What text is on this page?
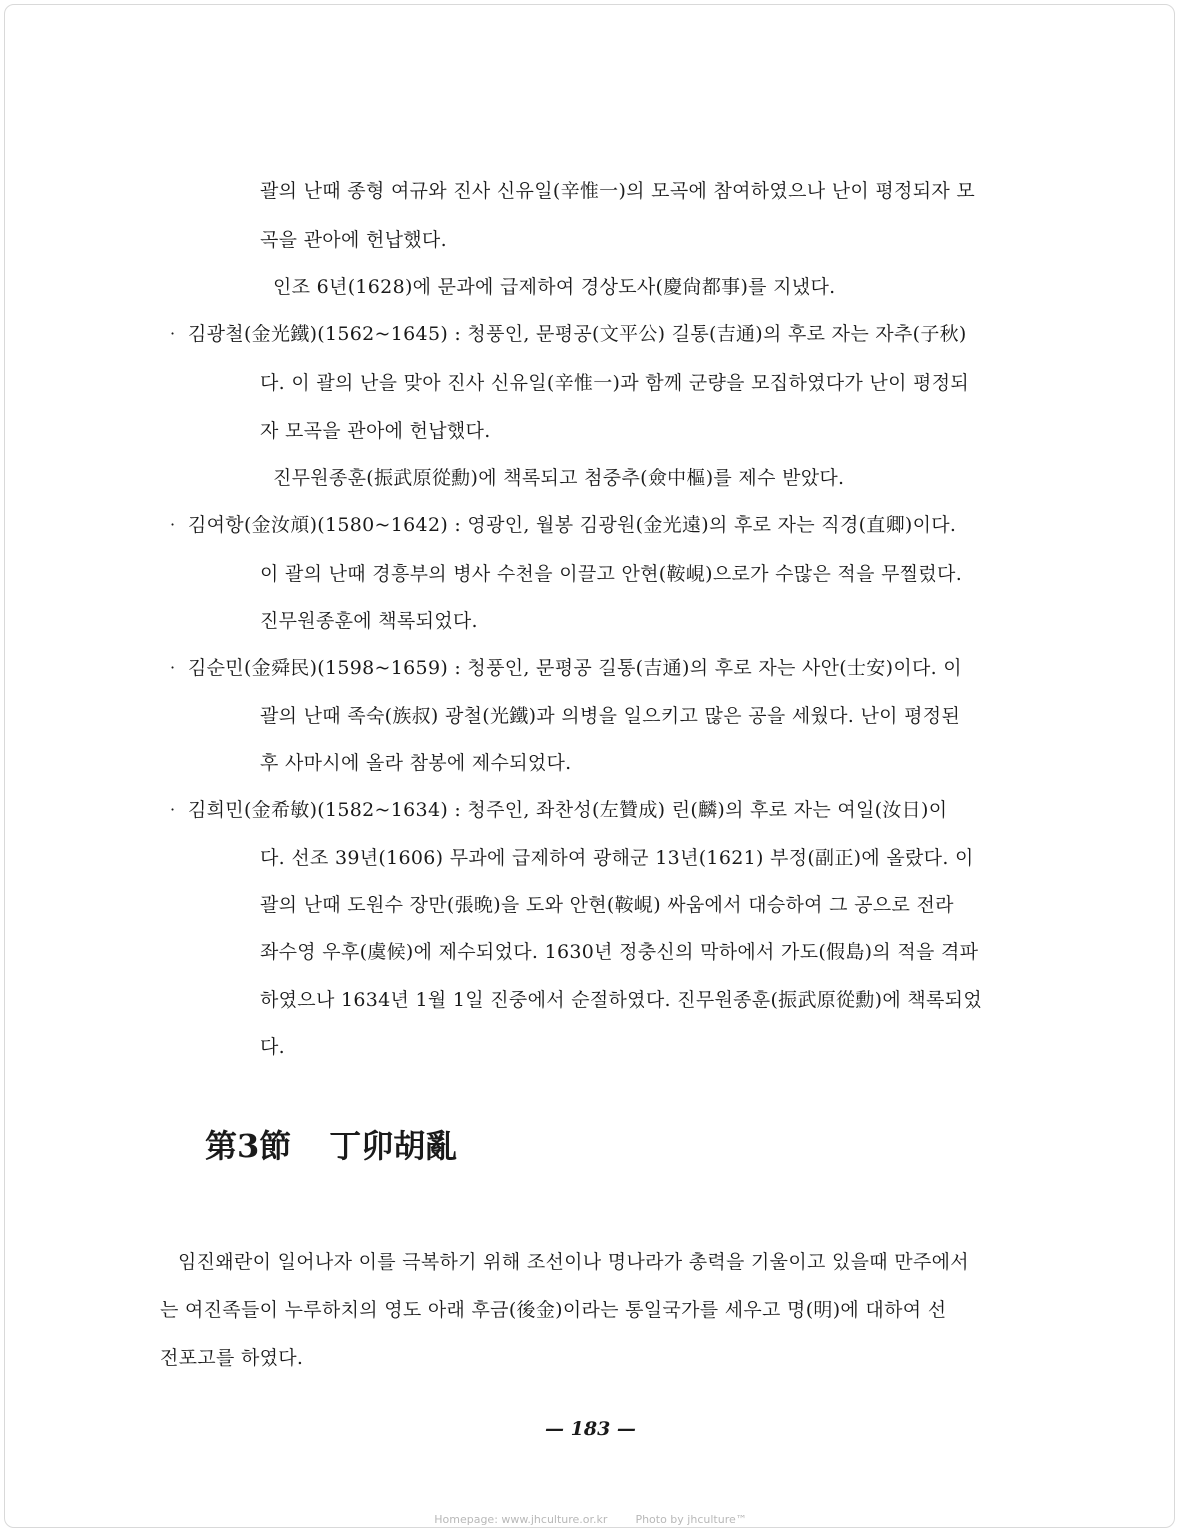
괄의 난때 종형 여규와 진사 신유일(辛惟一)의 모곡에 참여하였으나 난이 평정되자 모
곡을 관아에 헌납했다.
인조 6년(1628)에 문과에 급제하여 경상도사(慶尙都事)를 지냈다.
· 김광철(金光鐵)(1562~1645) : 청풍인, 문평공(文平公) 길통(吉通)의 후로 자는 자추(子秋)
다. 이 괄의 난을 맞아 진사 신유일(辛惟一)과 함께 군량을 모집하였다가 난이 평정되
자 모곡을 관아에 헌납했다.
진무원종훈(振武原從勳)에 책록되고 첨중추(僉中樞)를 제수 받았다.
· 김여항(金汝頏)(1580~1642) : 영광인, 월봉 김광원(金光遠)의 후로 자는 직경(直卿)이다.
이 괄의 난때 경흥부의 병사 수천을 이끌고 안현(鞍峴)으로가 수많은 적을 무찔렀다.
진무원종훈에 책록되었다.
· 김순민(金舜民)(1598~1659) : 청풍인, 문평공 길통(吉通)의 후로 자는 사안(士安)이다. 이
괄의 난때 족숙(族叔) 광철(光鐵)과 의병을 일으키고 많은 공을 세웠다. 난이 평정된
후 사마시에 올라 참봉에 제수되었다.
· 김희민(金希敏)(1582~1634) : 청주인, 좌찬성(左贊成) 린(麟)의 후로 자는 여일(汝日)이
다. 선조 39년(1606) 무과에 급제하여 광해군 13년(1621) 부정(副正)에 올랐다. 이
괄의 난때 도원수 장만(張晩)을 도와 안현(鞍峴) 싸움에서 대승하여 그 공으로 전라
좌수영 우후(虞候)에 제수되었다. 1630년 정충신의 막하에서 가도(假島)의 적을 격파
하였으나 1634년 1월 1일 진중에서 순절하였다. 진무원종훈(振武原從勳)에 책록되었
다.
第3節 丁卯胡亂
임진왜란이 일어나자 이를 극복하기 위해 조선이나 명나라가 총력을 기울이고 있을때 만주에서
는 여진족들이 누루하치의 영도 아래 후금(後金)이라는 통일국가를 세우고 명(明)에 대하여 선
전포고를 하였다.
— 183 —
Homepage: www.jhculture.or.kr	Photo by jhculture™
